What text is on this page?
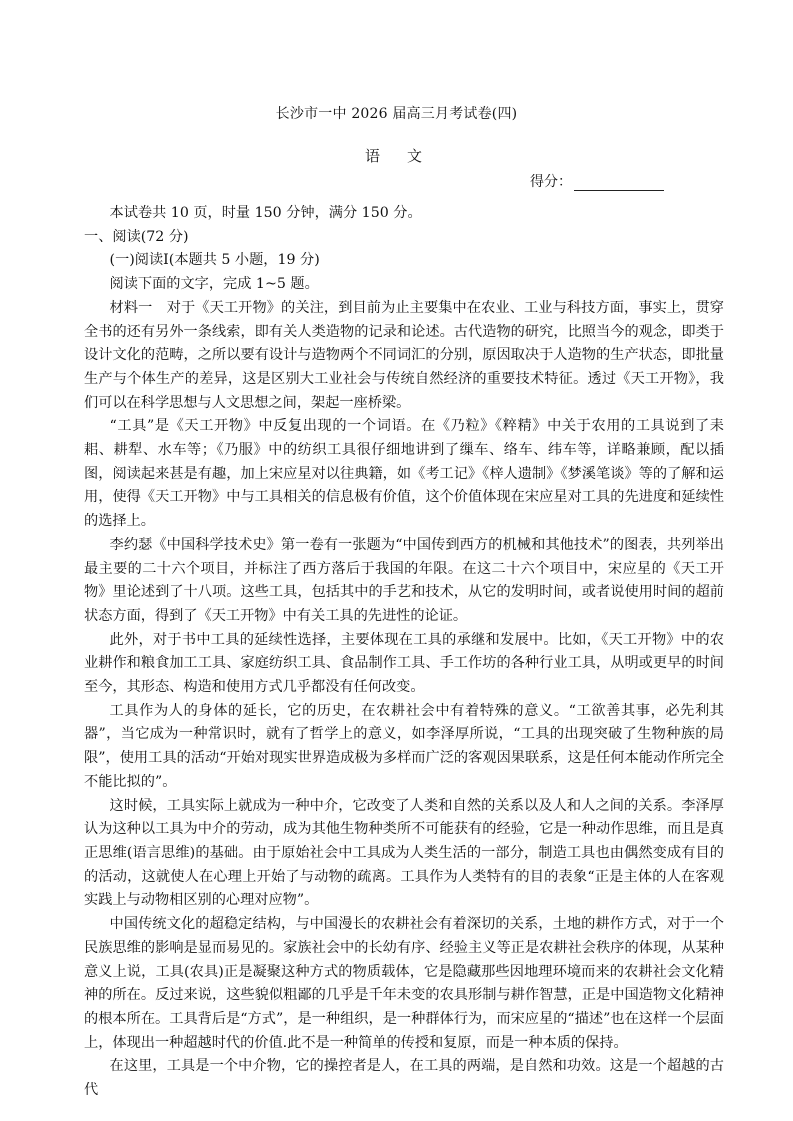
长沙市一中 2026 届高三月考试卷(四)
语　文
得分：

本试卷共 10 页，时量 150 分钟，满分 150 分。

一、阅读(72 分)

(一)阅读Ⅰ(本题共 5 小题，19 分)

阅读下面的文字，完成 1~5 题。

材料一　对于《天工开物》的关注，到目前为止主要集中在农业、工业与科技方面，事实上，贯穿全书的还有另外一条线索，即有关人类造物的记录和论述。古代造物的研究，比照当今的观念，即类于设计文化的范畴，之所以要有设计与造物两个不同词汇的分别，原因取决于人造物的生产状态，即批量生产与个体生产的差异，这是区别大工业社会与传统自然经济的重要技术特征。透过《天工开物》，我们可以在科学思想与人文思想之间，架起一座桥梁。

“工具”是《天工开物》中反复出现的一个词语。在《乃粒》《粹精》中关于农用的工具说到了耒耜、耕犁、水车等；《乃服》中的纺织工具很仔细地讲到了缫车、络车、纬车等，详略兼顾，配以插图，阅读起来甚是有趣，加上宋应星对以往典籍，如《考工记》《梓人遗制》《梦溪笔谈》等的了解和运用，使得《天工开物》中与工具相关的信息极有价值，这个价值体现在宋应星对工具的先进度和延续性的选择上。

李约瑟《中国科学技术史》第一卷有一张题为“中国传到西方的机械和其他技术”的图表，共列举出最主要的二十六个项目，并标注了西方落后于我国的年限。在这二十六个项目中，宋应星的《天工开物》里论述到了十八项。这些工具，包括其中的手艺和技术，从它的发明时间，或者说使用时间的超前状态方面，得到了《天工开物》中有关工具的先进性的论证。

此外，对于书中工具的延续性选择，主要体现在工具的承继和发展中。比如，《天工开物》中的农业耕作和粮食加工工具、家庭纺织工具、食品制作工具、手工作坊的各种行业工具，从明或更早的时间至今，其形态、构造和使用方式几乎都没有任何改变。

工具作为人的身体的延长，它的历史，在农耕社会中有着特殊的意义。“工欲善其事，必先利其器”，当它成为一种常识时，就有了哲学上的意义，如李泽厚所说，“工具的出现突破了生物种族的局限”，使用工具的活动“开始对现实世界造成极为多样而广泛的客观因果联系，这是任何本能动作所完全不能比拟的”。

这时候，工具实际上就成为一种中介，它改变了人类和自然的关系以及人和人之间的关系。李泽厚认为这种以工具为中介的劳动，成为其他生物种类所不可能获有的经验，它是一种动作思维，而且是真正思维(语言思维)的基础。由于原始社会中工具成为人类生活的一部分，制造工具也由偶然变成有目的的活动，这就使人在心理上开始了与动物的疏离。工具作为人类特有的目的表象“正是主体的人在客观实践上与动物相区别的心理对应物”。

中国传统文化的超稳定结构，与中国漫长的农耕社会有着深切的关系，土地的耕作方式，对于一个民族思维的影响是显而易见的。家族社会中的长幼有序、经验主义等正是农耕社会秩序的体现，从某种意义上说，工具(农具)正是凝聚这种方式的物质载体，它是隐藏那些因地理环境而来的农耕社会文化精神的所在。反过来说，这些貌似粗鄙的几乎是千年未变的农具形制与耕作智慧，正是中国造物文化精神的根本所在。工具背后是“方式”，是一种组织，是一种群体行为，而宋应星的“描述”也在这样一个层面上，体现出一种超越时代的价值.此不是一种简单的传授和复原，而是一种本质的保持。

在这里，工具是一个中介物，它的操控者是人，在工具的两端，是自然和功效。这是一个超越的古代
